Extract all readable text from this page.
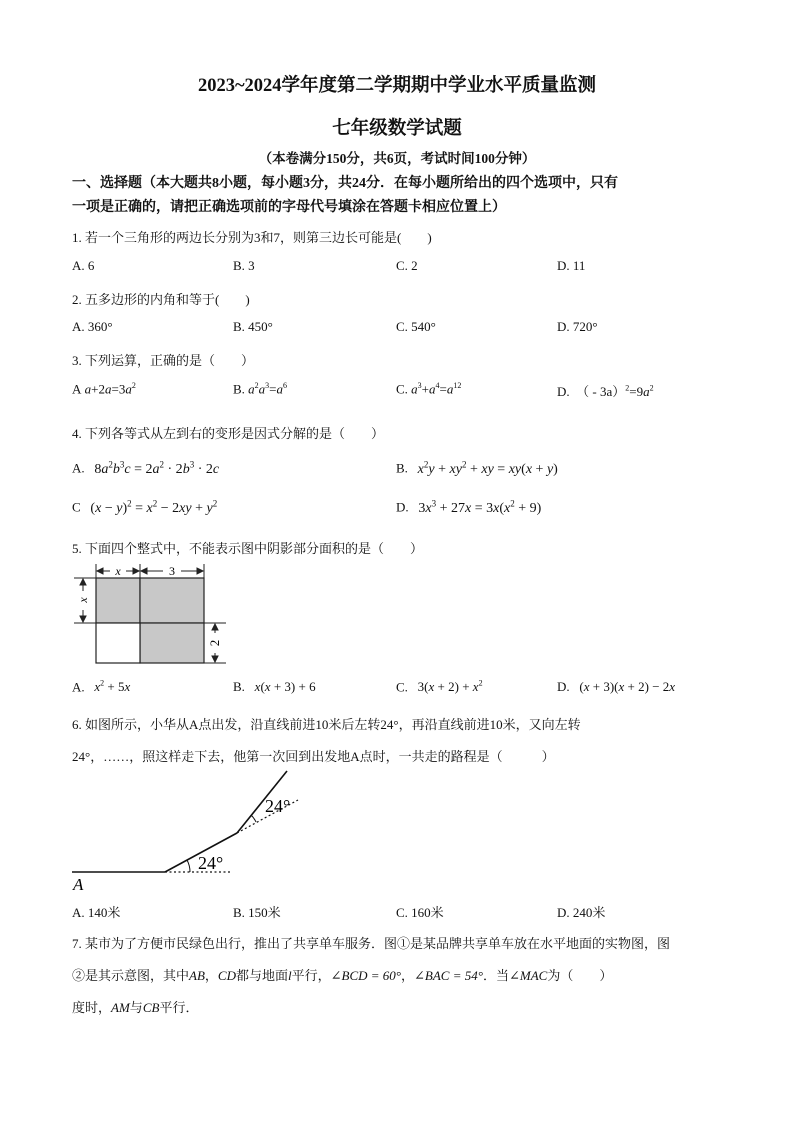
2023~2024学年度第二学期期中学业水平质量监测
七年级数学试题
（本卷满分150分，共6页，考试时间100分钟）
一、选择题（本大题共8小题，每小题3分，共24分．在每小题所给出的四个选项中，只有
一项是正确的，请把正确选项前的字母代号填涂在答题卡相应位置上）
1. 若一个三角形的两边长分别为3和7，则第三边长可能是(　　)
A. 6	B. 3	C. 2	D. 11
2. 五多边形的内角和等于(　　)
A. 360°	B. 450°	C. 540°	D. 720°
3. 下列运算，正确的是（　　）
A $a+2a=3a^2$	B. $a^2a^3=a^6$	C. $a^3+a^4=a^{12}$	D.  （ - $3a)^2=9a^2$
4. 下列各等式从左到右的变形是因式分解的是（　　）
A. $8a^2b^3c = 2a^2 \cdot 2b^3 \cdot 2c$	B. $x^2y + xy^2$ + xy = xy(x + y)
C $(x - y)^2 = x^2 - 2xy + y^2$	D. $3x^3 + 27x = 3x(x^2 + 9)$
5. 下面四个整式中，不能表示图中阴影部分面积的是（　　）
x	3
x
2
A. $x^2 + 5x$	B. x(x + 3) + 6	C. $3(x + 2) + x^2$	D. (x + 3)(x + 2) − 2x
6. 如图所示，小华从A点出发，沿直线前进10米后左转24°，再沿直线前进10米，又向左转
24°，……，照这样走下去，他第一次回到出发地A点时，一共走的路程是（　　　）
24°
24°
A
A. 140米	B. 150米	C. 160米	D. 240米
7. 某市为了方便市民绿色出行，推出了共享单车服务．图①是某品牌共享单车放在水平地面的实物图，图
②是其示意图，其中AB，CD都与地面l平行，∠BCD = 60°，∠BAC = 54°．当∠MAC为（　　）
度时，AM与CB平行．
